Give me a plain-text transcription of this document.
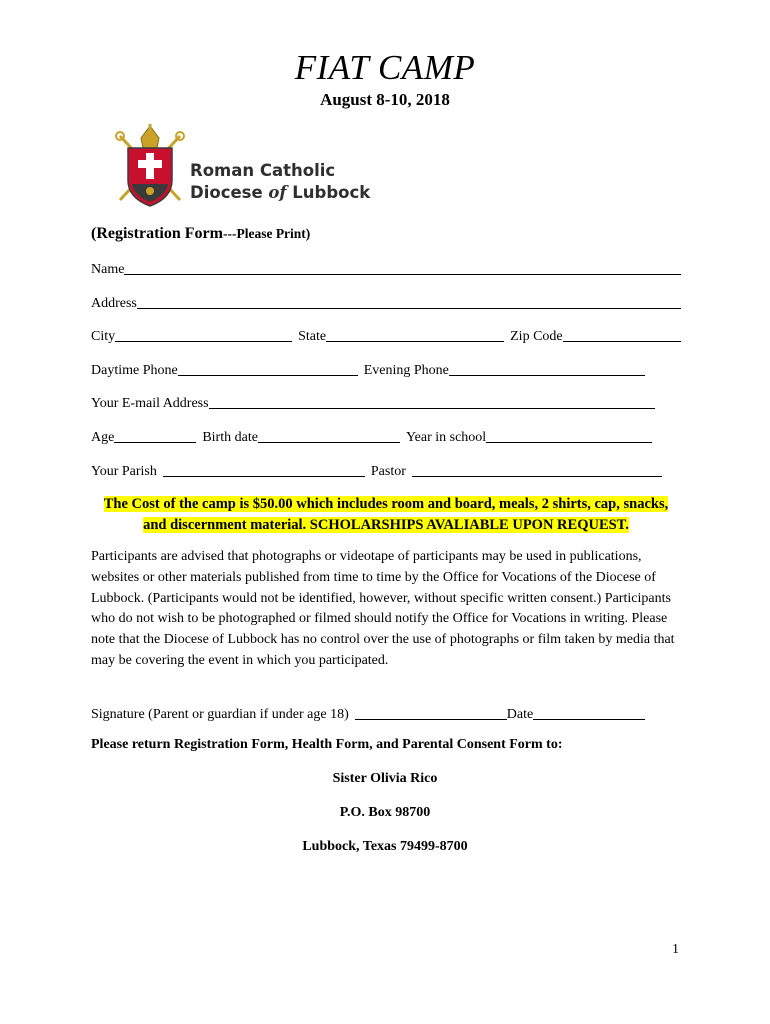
FIAT CAMP
August 8-10, 2018
Roman Catholic
Diocese of Lubbock
(Registration Form---Please Print)
Name
Address
City	State	Zip Code
Daytime Phone	Evening Phone
Your E-mail Address
Age	Birth date	Year in school
Your Parish	Pastor
The Cost of the camp is $50.00 which includes room and board, meals, 2 shirts, cap, snacks, and discernment material. SCHOLARSHIPS AVALIABLE UPON REQUEST.
Participants are advised that photographs or videotape of participants may be used in publications, websites or other materials published from time to time by the Office for Vocations of the Diocese of Lubbock. (Participants would not be identified, however, without specific written consent.) Participants who do not wish to be photographed or filmed should notify the Office for Vocations in writing. Please note that the Diocese of Lubbock has no control over the use of photographs or film taken by media that may be covering the event in which you participated.
Signature (Parent or guardian if under age 18)	Date
Please return Registration Form, Health Form, and Parental Consent Form to:
Sister Olivia Rico
P.O. Box 98700
Lubbock, Texas 79499-8700
1
